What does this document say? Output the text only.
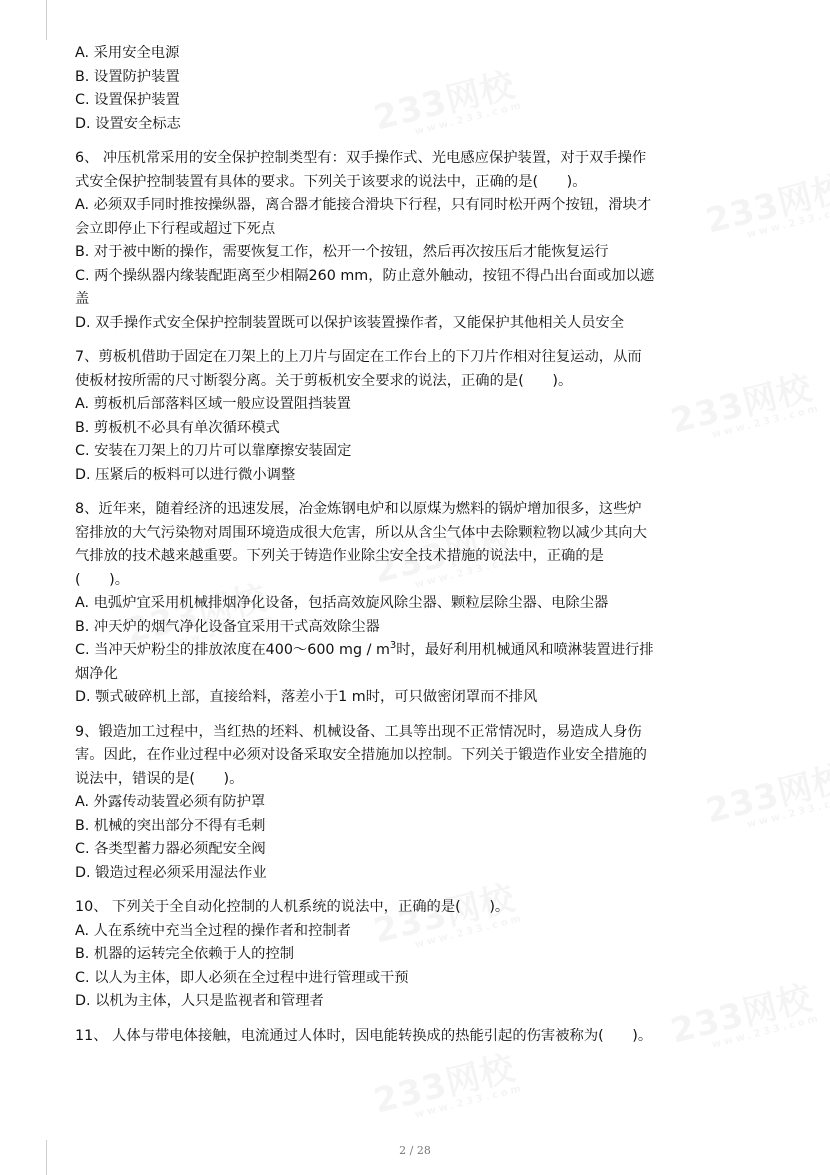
A. 采用安全电源
B. 设置防护装置
C. 设置保护装置
D. 设置安全标志
6、 冲压机常采用的安全保护控制类型有：双手操作式、光电感应保护装置，对于双手操作
式安全保护控制装置有具体的要求。下列关于该要求的说法中，正确的是(　　)。
A. 必须双手同时推按操纵器，离合器才能接合滑块下行程，只有同时松开两个按钮，滑块才
会立即停止下行程或超过下死点
B. 对于被中断的操作，需要恢复工作，松开一个按钮，然后再次按压后才能恢复运行
C. 两个操纵器内缘装配距离至少相隔260 mm，防止意外触动，按钮不得凸出台面或加以遮
盖
D. 双手操作式安全保护控制装置既可以保护该装置操作者，又能保护其他相关人员安全
7、剪板机借助于固定在刀架上的上刀片与固定在工作台上的下刀片作相对往复运动，从而
使板材按所需的尺寸断裂分离。关于剪板机安全要求的说法，正确的是(　　)。
A. 剪板机后部落料区域一般应设置阻挡装置
B. 剪板机不必具有单次循环模式
C. 安装在刀架上的刀片可以靠摩擦安装固定
D. 压紧后的板料可以进行微小调整
8、近年来，随着经济的迅速发展，冶金炼钢电炉和以原煤为燃料的锅炉增加很多，这些炉
窑排放的大气污染物对周围环境造成很大危害，所以从含尘气体中去除颗粒物以减少其向大
气排放的技术越来越重要。下列关于铸造作业除尘安全技术措施的说法中，正确的是
(　　)。
A. 电弧炉宜采用机械排烟净化设备，包括高效旋风除尘器、颗粒层除尘器、电除尘器
B. 冲天炉的烟气净化设备宜采用干式高效除尘器
C. 当冲天炉粉尘的排放浓度在400～600 mg / $m^3$时，最好利用机械通风和喷淋装置进行排
烟净化
D. 颚式破碎机上部，直接给料，落差小于1 m时，可只做密闭罩而不排风
9、锻造加工过程中，当红热的坯料、机械设备、工具等出现不正常情况时，易造成人身伤
害。因此，在作业过程中必须对设备采取安全措施加以控制。下列关于锻造作业安全措施的
说法中，错误的是(　　)。
A. 外露传动装置必须有防护罩
B. 机械的突出部分不得有毛刺
C. 各类型蓄力器必须配安全阀
D. 锻造过程必须采用湿法作业
10、 下列关于全自动化控制的人机系统的说法中，正确的是(　　)。
A. 人在系统中充当全过程的操作者和控制者
B. 机器的运转完全依赖于人的控制
C. 以人为主体，即人必须在全过程中进行管理或干预
D. 以机为主体，人只是监视者和管理者
11、 人体与带电体接触，电流通过人体时，因电能转换成的热能引起的伤害被称为(　　)。
2 / 28
